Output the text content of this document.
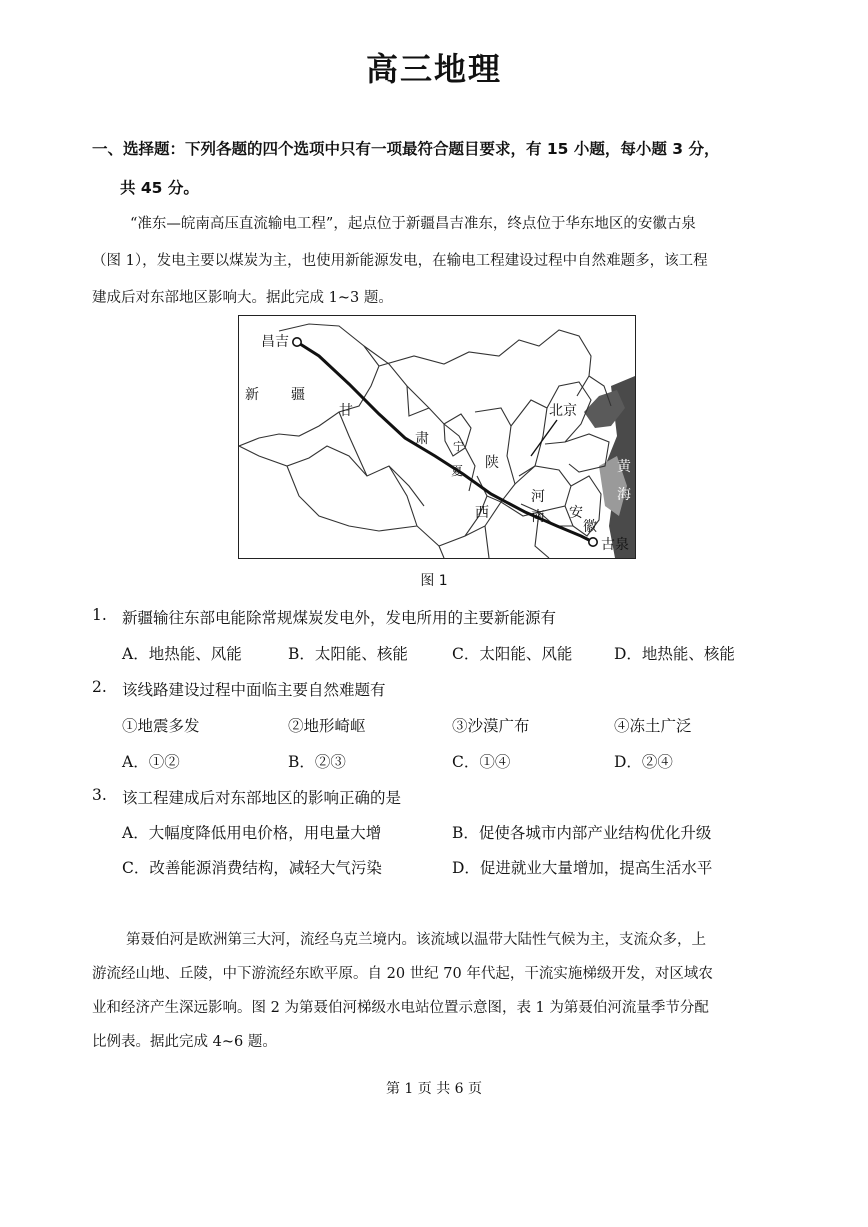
高三地理
一、选择题：下列各题的四个选项中只有一项最符合题目要求，有 15 小题，每小题 3 分，
共 45 分。
“准东—皖南高压直流输电工程”，起点位于新疆昌吉准东，终点位于华东地区的安徽古泉
（图 1），发电主要以煤炭为主，也使用新能源发电，在输电工程建设过程中自然难题多，该工程
建成后对东部地区影响大。据此完成 1~3 题。
昌吉
新 疆
甘
肃 宁
夏 陕
西
北京
河
南 安
徽
黄
海
古泉
图 1
1. 新疆输往东部电能除常规煤炭发电外，发电所用的主要新能源有
A．地热能、风能	B．太阳能、核能	C．太阳能、风能	D．地热能、核能
2. 该线路建设过程中面临主要自然难题有
①地震多发	②地形崎岖	③沙漠广布	④冻土广泛
A．①②	B．②③	C．①④	D．②④
3. 该工程建成后对东部地区的影响正确的是
A．大幅度降低用电价格，用电量大增	B．促使各城市内部产业结构优化升级
C．改善能源消费结构，减轻大气污染	D．促进就业大量增加，提高生活水平
第聂伯河是欧洲第三大河，流经乌克兰境内。该流域以温带大陆性气候为主，支流众多，上
游流经山地、丘陵，中下游流经东欧平原。自 20 世纪 70 年代起，干流实施梯级开发，对区域农
业和经济产生深远影响。图 2 为第聂伯河梯级水电站位置示意图，表 1 为第聂伯河流量季节分配
比例表。据此完成 4~6 题。
第 1 页 共 6 页
